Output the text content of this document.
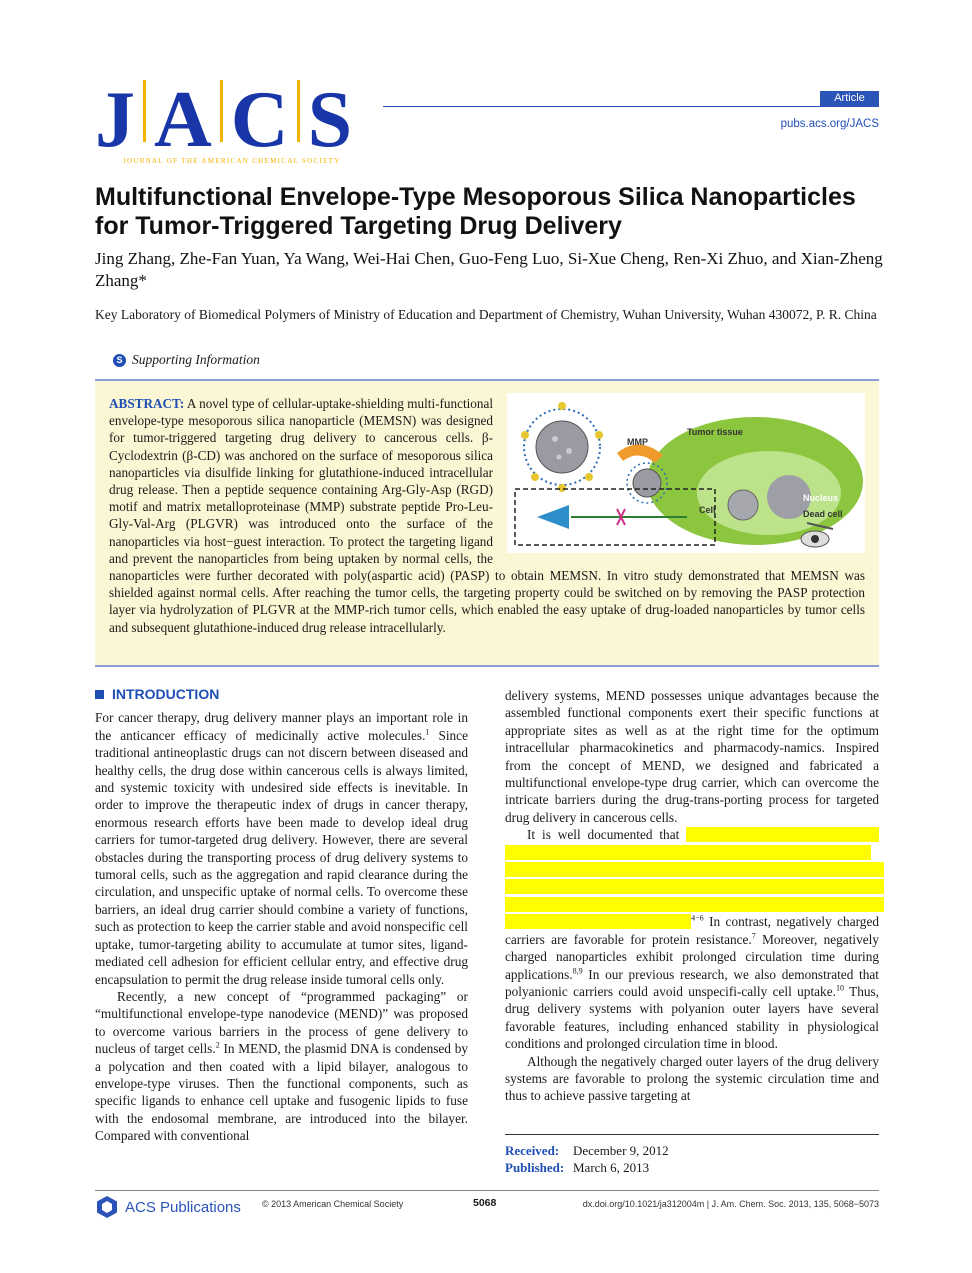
J A C S
JOURNAL OF THE AMERICAN CHEMICAL SOCIETY
Article
pubs.acs.org/JACS
Multifunctional Envelope-Type Mesoporous Silica Nanoparticles for Tumor-Triggered Targeting Drug Delivery

Jing Zhang, Zhe-Fan Yuan, Ya Wang, Wei-Hai Chen, Guo-Feng Luo, Si-Xue Cheng, Ren-Xi Zhuo, and Xian-Zheng Zhang*

Key Laboratory of Biomedical Polymers of Ministry of Education and Department of Chemistry, Wuhan University, Wuhan 430072, P. R. China

S Supporting Information
MMP
Tumor tissue
Nucleus
Cell	Dead cell
ABSTRACT: A novel type of cellular-uptake-shielding multi-functional envelope-type mesoporous silica nanoparticle (MEMSN) was designed for tumor-triggered targeting drug delivery to cancerous cells. β-Cyclodextrin (β-CD) was anchored on the surface of mesoporous silica nanoparticles via disulfide linking for glutathione-induced intracellular drug release. Then a peptide sequence containing Arg-Gly-Asp (RGD) motif and matrix metalloproteinase (MMP) substrate peptide Pro-Leu-Gly-Val-Arg (PLGVR) was introduced onto the surface of the nanoparticles via host−guest interaction. To protect the targeting ligand and prevent the nanoparticles from being uptaken by normal cells, the nanoparticles were further decorated with poly(aspartic acid) (PASP) to obtain MEMSN. In vitro study demonstrated that MEMSN was shielded against normal cells. After reaching the tumor cells, the targeting property could be switched on by removing the PASP protection layer via hydrolyzation of PLGVR at the MMP-rich tumor cells, which enabled the easy uptake of drug-loaded nanoparticles by tumor cells and subsequent glutathione-induced drug release intracellularly.
INTRODUCTION

For cancer therapy, drug delivery manner plays an important role in the anticancer efficacy of medicinally active molecules.$^1$ Since traditional antineoplastic drugs can not discern between diseased and healthy cells, the drug dose within cancerous cells is always limited, and systemic toxicity with undesired side effects is inevitable. In order to improve the therapeutic index of drugs in cancer therapy, enormous research efforts have been made to develop ideal drug carriers for tumor-targeted drug delivery. However, there are several obstacles during the transporting process of drug delivery systems to tumoral cells, such as the aggregation and rapid clearance during the circulation, and unspecific uptake of normal cells. To overcome these barriers, an ideal drug carrier should combine a variety of functions, such as protection to keep the carrier stable and avoid nonspecific cell uptake, tumor-targeting ability to accumulate at tumor sites, ligand-mediated cell adhesion for efficient cellular entry, and effective drug encapsulation to permit the drug release inside tumoral cells only.

Recently, a new concept of “programmed packaging” or “multifunctional envelope-type nanodevice (MEND)” was proposed to overcome various barriers in the process of gene delivery to nucleus of target cells.$^2$ In MEND, the plasmid DNA is condensed by a polycation and then coated with a lipid bilayer, analogous to envelope-type viruses. Then the functional components, such as specific ligands to enhance cell uptake and fusogenic lipids to fuse with the endosomal membrane, are introduced into the bilayer. Compared with conventional

delivery systems, MEND possesses unique advantages because the assembled functional components exert their specific functions at appropriate sites as well as at the right time for the optimum intracellular pharmacokinetics and pharmacody-namics. Inspired from the concept of MEND, we designed and fabricated a multifunctional envelope-type drug carrier, which can overcome the intricate barriers during the drug-trans-porting process for targeted drug delivery in cancerous cells.

It is well documented that xxxxxxxxxxxxxxxxxxxxxxxxxxxxx xxxxxxxxxxxxxxxxxxxxxxxxxxxxxxxxxxxxxxxxxxxxxxxxxxxxxxx xxxxxxxxxxxxxxxxxxxxxxxxxxxxxxxxxxxxxxxxxxxxxxxxxxxxxxxxx xxxxxxxxxxxxxxxxxxxxxxxxxxxxxxxxxxxxxxxxxxxxxxxxxxxxxxxxx xxxxxxxxxxxxxxxxxxxxxxxxxxxxxxxxxxxxxxxxxxxxxxxxxxxxxxxxx xxxxxxxxxxxxxxxxxxxxxxxxxxxx$^{4-6}$ In contrast, negatively charged carriers are favorable for protein resistance.$^7$ Moreover, negatively charged nanoparticles exhibit prolonged circulation time during applications.$^{8,9}$ In our previous research, we also demonstrated that polyanionic carriers could avoid unspecifi-cally cell uptake.$^{10}$ Thus, drug delivery systems with polyanion outer layers have several favorable features, including enhanced stability in physiological conditions and prolonged circulation time in blood.

Although the negatively charged outer layers of the drug delivery systems are favorable to prolong the systemic circulation time and thus to achieve passive targeting at

Received: December 9, 2012
Published: March 6, 2013
ACS Publications © 2013 American Chemical Society	5068	dx.doi.org/10.1021/ja312004m | J. Am. Chem. Soc. 2013, 135, 5068−5073
